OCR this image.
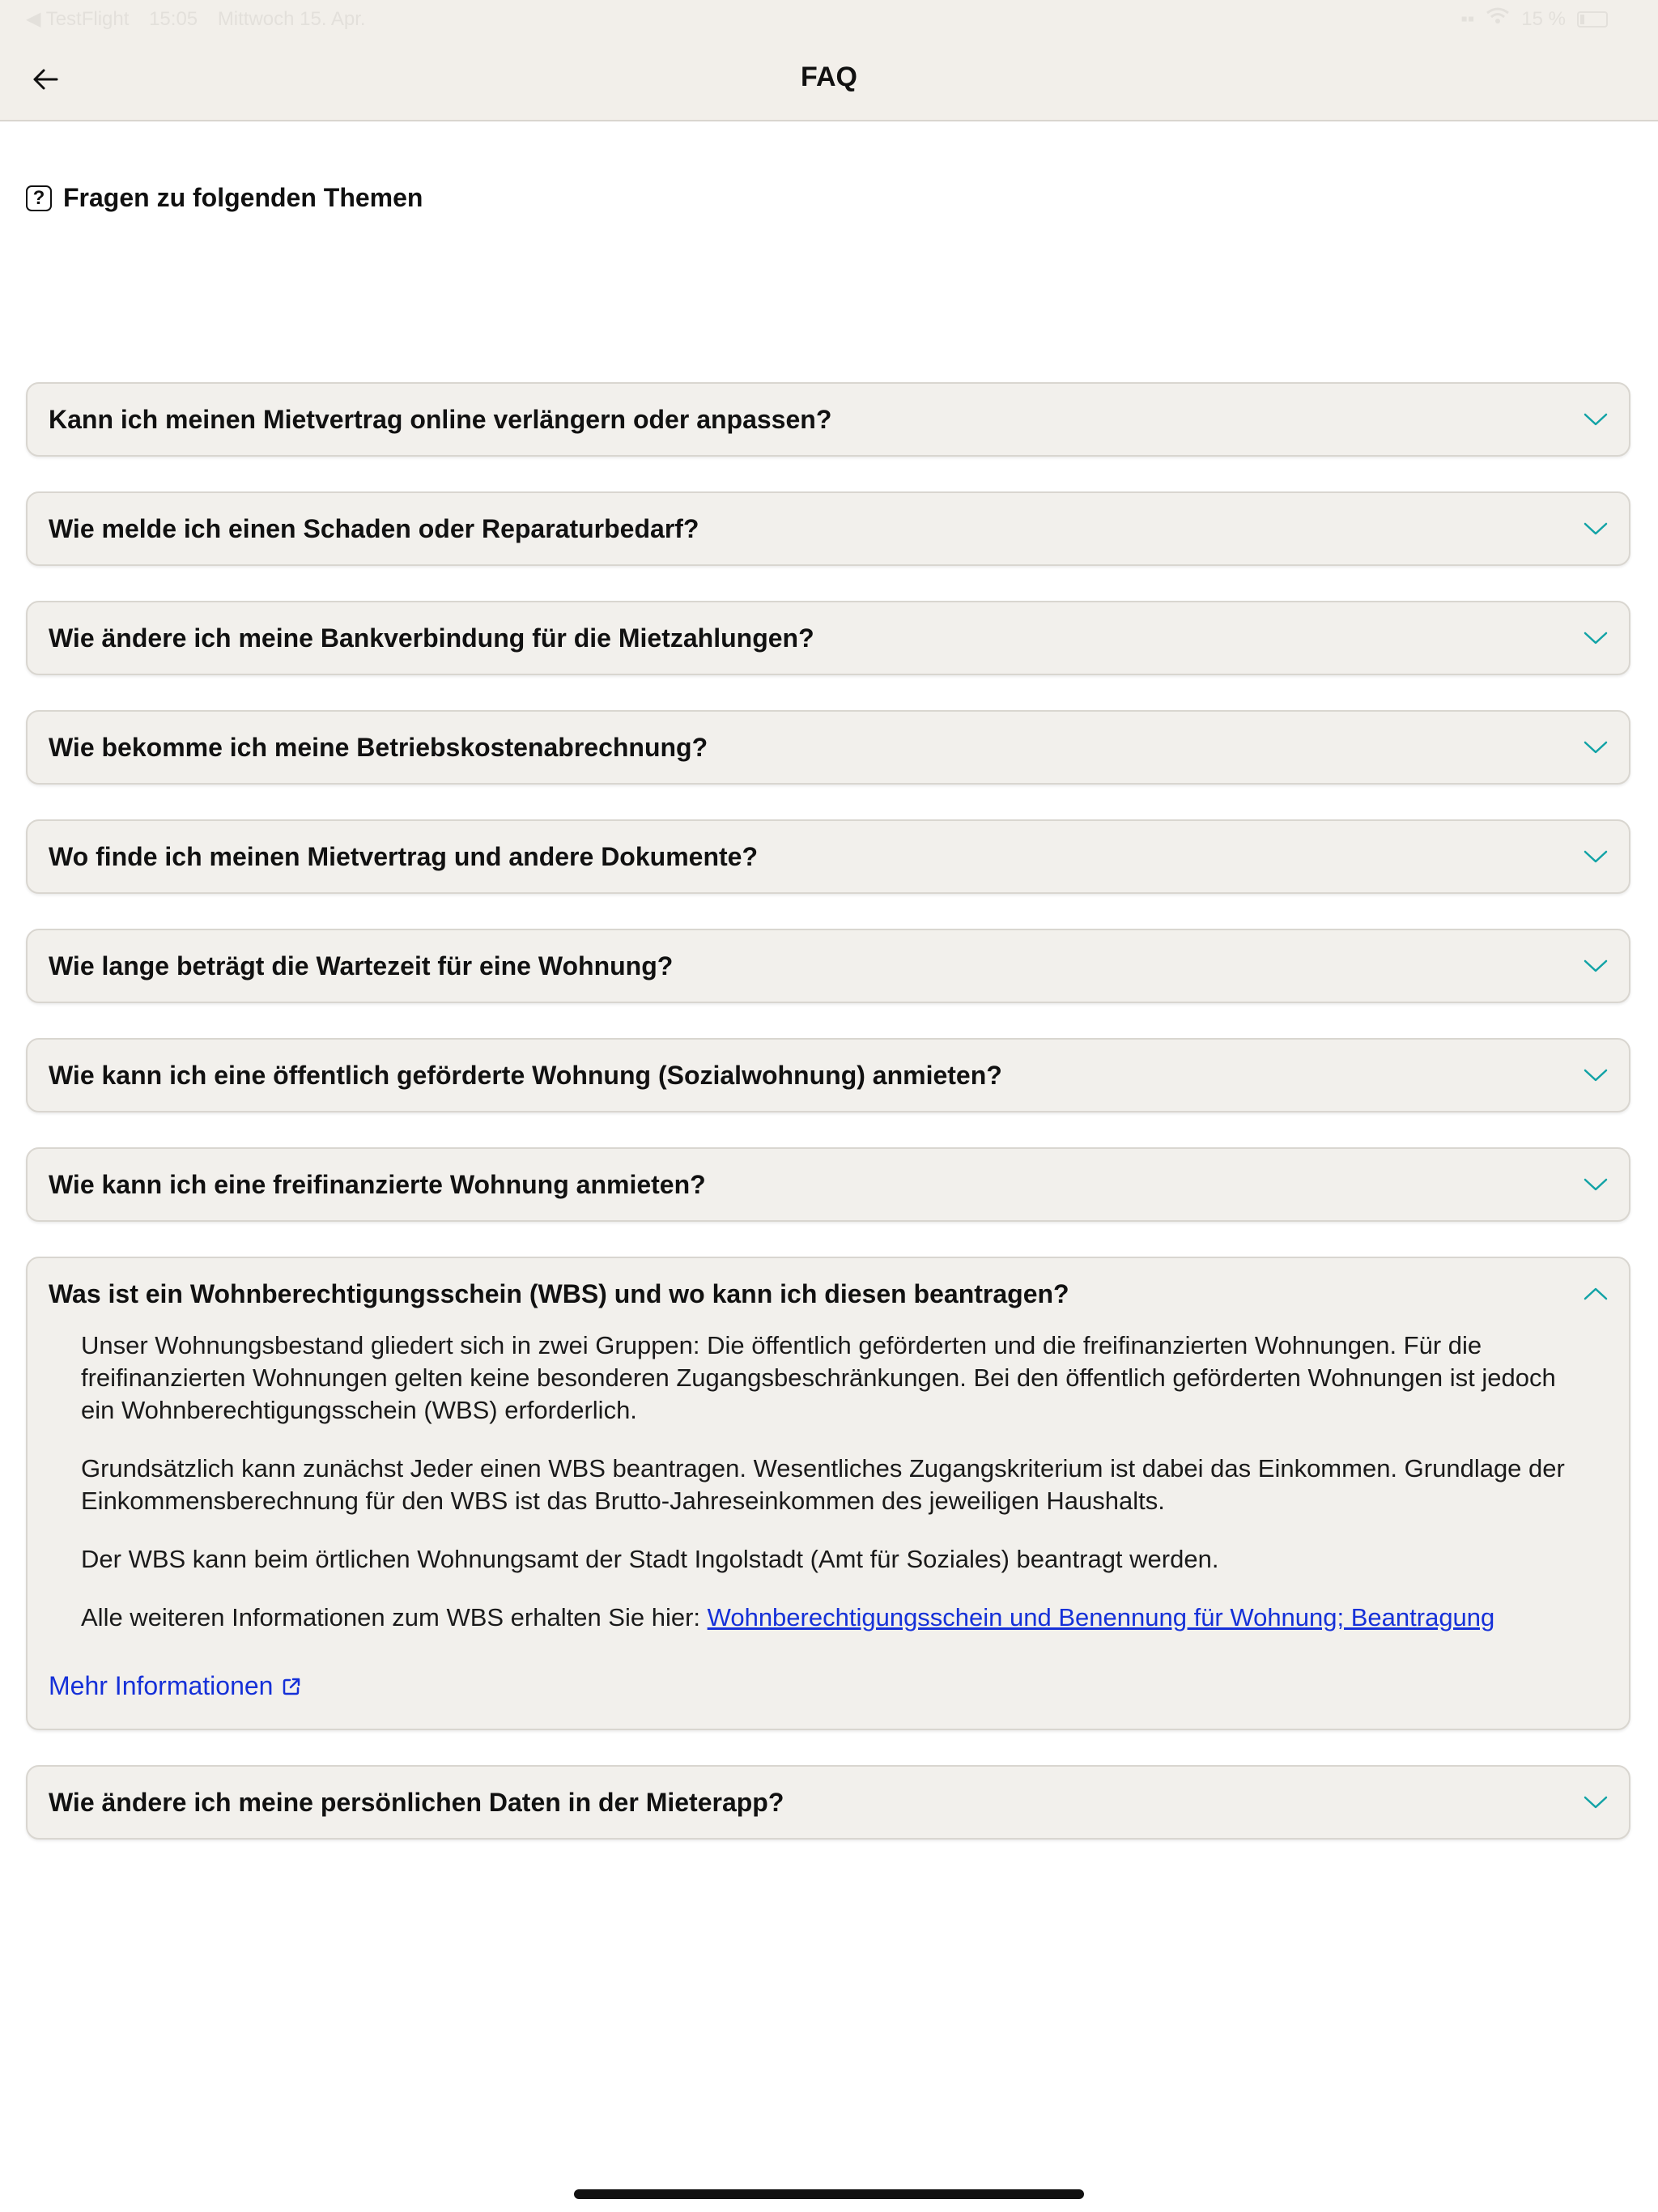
◀ TestFlight 15:05 Mittwoch 15. Apr.	▪▪ 15 %
FAQ
? Fragen zu folgenden Themen
Kann ich meinen Mietvertrag online verlängern oder anpassen?
Wie melde ich einen Schaden oder Reparaturbedarf?
Wie ändere ich meine Bankverbindung für die Mietzahlungen?
Wie bekomme ich meine Betriebskostenabrechnung?
Wo finde ich meinen Mietvertrag und andere Dokumente?
Wie lange beträgt die Wartezeit für eine Wohnung?
Wie kann ich eine öffentlich geförderte Wohnung (Sozialwohnung) anmieten?
Wie kann ich eine freifinanzierte Wohnung anmieten?
Was ist ein Wohnberechtigungsschein (WBS) und wo kann ich diesen beantragen?

Unser Wohnungsbestand gliedert sich in zwei Gruppen: Die öffentlich geförderten und die freifinanzierten Wohnungen. Für die freifinanzierten Wohnungen gelten keine besonderen Zugangsbeschränkungen. Bei den öffentlich geförderten Wohnungen ist jedoch ein Wohnberechtigungsschein (WBS) erforderlich.

Grundsätzlich kann zunächst Jeder einen WBS beantragen. Wesentliches Zugangskriterium ist dabei das Einkommen. Grundlage der Einkommensberechnung für den WBS ist das Brutto-Jahreseinkommen des jeweiligen Haushalts.

Der WBS kann beim örtlichen Wohnungsamt der Stadt Ingolstadt (Amt für Soziales) beantragt werden.

Alle weiteren Informationen zum WBS erhalten Sie hier: Wohnberechtigungsschein und Benennung für Wohnung; Beantragung

Mehr Informationen
Wie ändere ich meine persönlichen Daten in der Mieterapp?
